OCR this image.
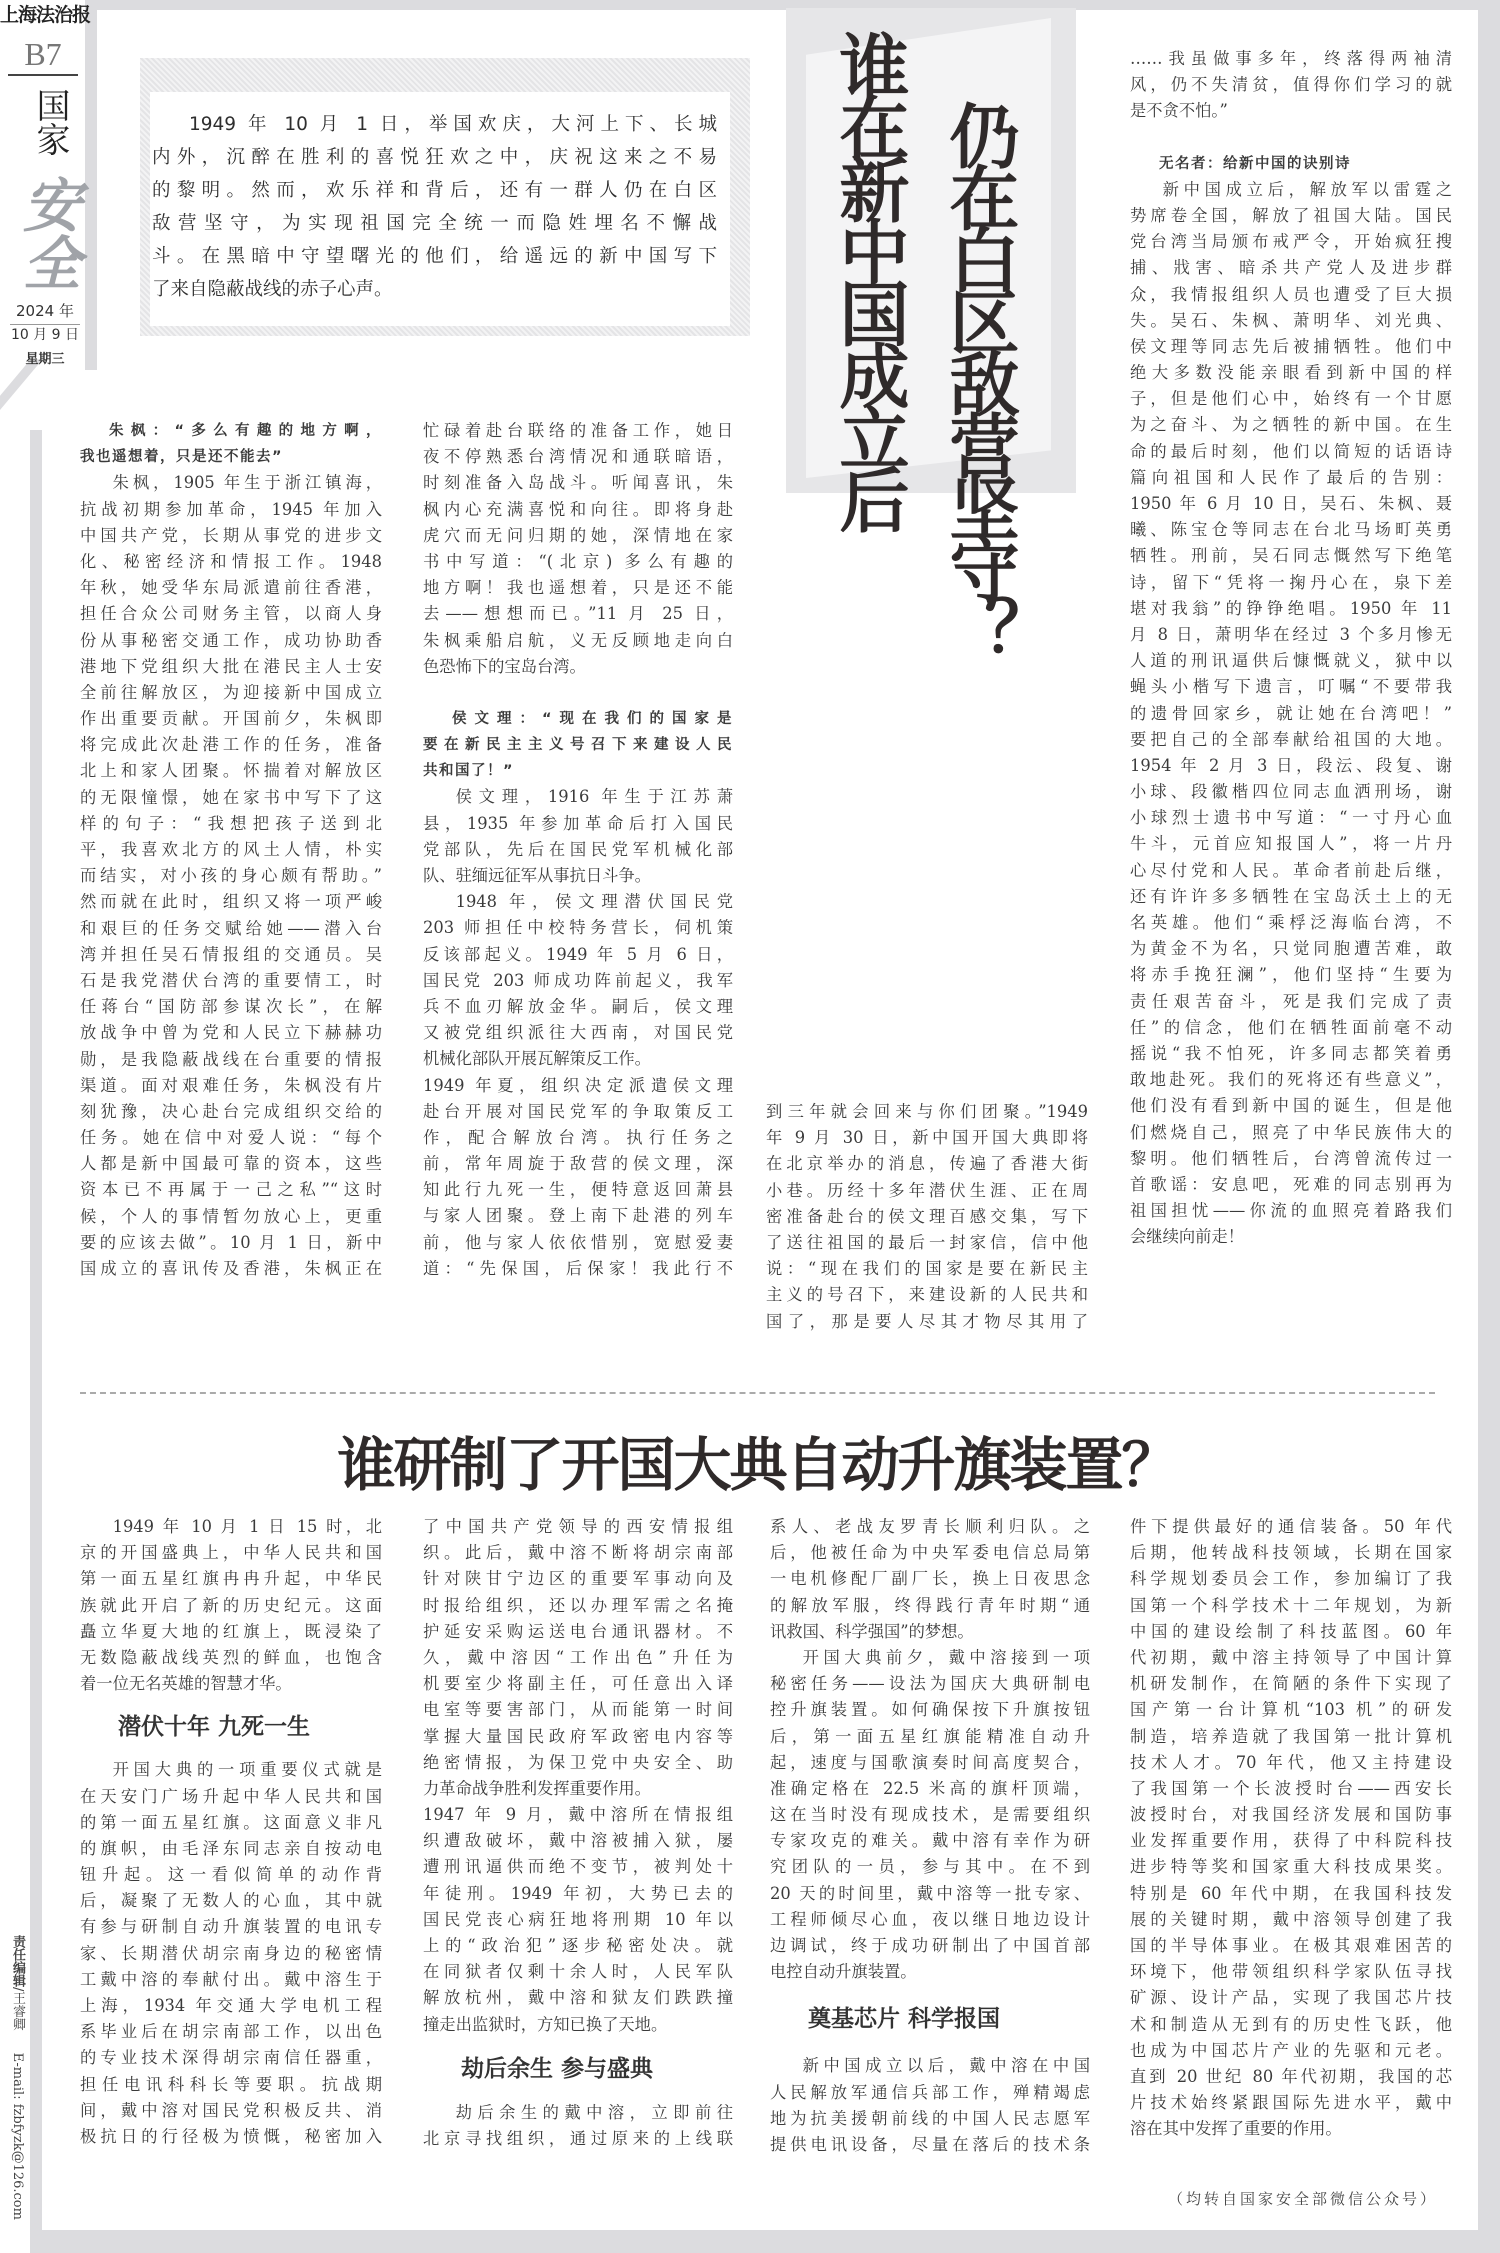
上海法治报
B7
国家
安全
2024 年
10 月 9 日
星期三
责任编辑/王睿卿  E-mail: fzbfyzk@126.com
1949 年 10 月 1 日，举国欢庆，大河上下、长城
内外，沉醉在胜利的喜悦狂欢之中，庆祝这来之不易
的黎明。然而，欢乐祥和背后，还有一群人仍在白区
敌营坚守，为实现祖国完全统一而隐姓埋名不懈战
斗。在黑暗中守望曙光的他们，给遥远的新中国写下
了来自隐蔽战线的赤子心声。	谁在新中国成立后 仍在白区敌营坚守？
朱枫：“多么有趣的地方啊，
我也遥想着，只是还不能去”
朱枫，1905 年生于浙江镇海，
抗战初期参加革命，1945 年加入
中国共产党，长期从事党的进步文
化、秘密经济和情报工作。1948
年秋，她受华东局派遣前往香港，
担任合众公司财务主管，以商人身
份从事秘密交通工作，成功协助香
港地下党组织大批在港民主人士安
全前往解放区，为迎接新中国成立
作出重要贡献。开国前夕，朱枫即
将完成此次赴港工作的任务，准备
北上和家人团聚。怀揣着对解放区
的无限憧憬，她在家书中写下了这
样的句子：“我想把孩子送到北
平，我喜欢北方的风土人情，朴实
而结实，对小孩的身心颇有帮助。”
然而就在此时，组织又将一项严峻
和艰巨的任务交赋给她——潜入台
湾并担任吴石情报组的交通员。吴
石是我党潜伏台湾的重要情工，时
任蒋台“国防部参谋次长”，在解
放战争中曾为党和人民立下赫赫功
勋，是我隐蔽战线在台重要的情报
渠道。面对艰难任务，朱枫没有片
刻犹豫，决心赴台完成组织交给的
任务。她在信中对爱人说：“每个
人都是新中国最可靠的资本，这些
资本已不再属于一己之私”“这时
候，个人的事情暂勿放心上，更重
要的应该去做”。10 月 1 日，新中
国成立的喜讯传及香港，朱枫正在
忙碌着赴台联络的准备工作，她日
夜不停熟悉台湾情况和通联暗语，
时刻准备入岛战斗。听闻喜讯，朱
枫内心充满喜悦和向往。即将身赴
虎穴而无问归期的她，深情地在家
书中写道：“(北京) 多么有趣的
地方啊！我也遥想着，只是还不能
去——想想而已。”11 月 25 日，
朱枫乘船启航，义无反顾地走向白
色恐怖下的宝岛台湾。
侯文理：“现在我们的国家是
要在新民主主义号召下来建设人民
共和国了！”
侯文理，1916 年生于江苏萧
县，1935 年参加革命后打入国民
党部队，先后在国民党军机械化部
队、驻缅远征军从事抗日斗争。
1948 年，侯文理潜伏国民党
203 师担任中校特务营长，伺机策
反该部起义。1949 年 5 月 6 日，
国民党 203 师成功阵前起义，我军
兵不血刃解放金华。嗣后，侯文理
又被党组织派往大西南，对国民党
机械化部队开展瓦解策反工作。
1949 年夏，组织决定派遣侯文理
赴台开展对国民党军的争取策反工
作，配合解放台湾。执行任务之
前，常年周旋于敌营的侯文理，深
知此行九死一生，便特意返回萧县
与家人团聚。登上南下赴港的列车
前，他与家人依依惜别，宽慰爱妻
道：“先保国，后保家！我此行不
到三年就会回来与你们团聚。”1949
年 9 月 30 日，新中国开国大典即将
在北京举办的消息，传遍了香港大街
小巷。历经十多年潜伏生涯、正在周
密准备赴台的侯文理百感交集，写下
了送往祖国的最后一封家信，信中他
说：“现在我们的国家是要在新民主
主义的号召下，来建设新的人民共和
国了，那是要人尽其才物尽其用了
……我虽做事多年，终落得两袖清
风，仍不失清贫，值得你们学习的就
是不贪不怕。”
无名者：给新中国的诀别诗
新中国成立后，解放军以雷霆之
势席卷全国，解放了祖国大陆。国民
党台湾当局颁布戒严令，开始疯狂搜
捕、戕害、暗杀共产党人及进步群
众，我情报组织人员也遭受了巨大损
失。吴石、朱枫、萧明华、刘光典、
侯文理等同志先后被捕牺牲。他们中
绝大多数没能亲眼看到新中国的样
子，但是他们心中，始终有一个甘愿
为之奋斗、为之牺牲的新中国。在生
命的最后时刻，他们以简短的话语诗
篇向祖国和人民作了最后的告别：
1950 年 6 月 10 日，吴石、朱枫、聂
曦、陈宝仓等同志在台北马场町英勇
牺牲。刑前，吴石同志慨然写下绝笔
诗，留下“凭将一掬丹心在，泉下差
堪对我翁”的铮铮绝唱。1950 年 11
月 8 日，萧明华在经过 3 个多月惨无
人道的刑讯逼供后慷慨就义，狱中以
蝇头小楷写下遗言，叮嘱“不要带我
的遗骨回家乡，就让她在台湾吧！”
要把自己的全部奉献给祖国的大地。
1954 年 2 月 3 日，段沄、段复、谢
小球、段徽楷四位同志血洒刑场，谢
小球烈士遗书中写道：“一寸丹心血
牛斗，元首应知报国人”，将一片丹
心尽付党和人民。革命者前赴后继，
还有许许多多牺牲在宝岛沃土上的无
名英雄。他们“乘桴泛海临台湾，不
为黄金不为名，只觉同胞遭苦难，敢
将赤手挽狂澜”，他们坚持“生要为
责任艰苦奋斗，死是我们完成了责
任”的信念，他们在牺牲面前毫不动
摇说“我不怕死，许多同志都笑着勇
敢地赴死。我们的死将还有些意义”，
他们没有看到新中国的诞生，但是他
们燃烧自己，照亮了中华民族伟大的
黎明。他们牺牲后，台湾曾流传过一
首歌谣：安息吧，死难的同志别再为
祖国担忧——你流的血照亮着路我们
会继续向前走！
谁研制了开国大典自动升旗装置？
1949 年 10 月 1 日 15 时，北
京的开国盛典上，中华人民共和国
第一面五星红旗冉冉升起，中华民
族就此开启了新的历史纪元。这面
矗立华夏大地的红旗上，既浸染了
无数隐蔽战线英烈的鲜血，也饱含
着一位无名英雄的智慧才华。
潜伏十年 九死一生
开国大典的一项重要仪式就是
在天安门广场升起中华人民共和国
的第一面五星红旗。这面意义非凡
的旗帜，由毛泽东同志亲自按动电
钮升起。这一看似简单的动作背
后，凝聚了无数人的心血，其中就
有参与研制自动升旗装置的电讯专
家、长期潜伏胡宗南身边的秘密情
工戴中溶的奉献付出。戴中溶生于
上海，1934 年交通大学电机工程
系毕业后在胡宗南部工作，以出色
的专业技术深得胡宗南信任器重，
担任电讯科科长等要职。抗战期
间，戴中溶对国民党积极反共、消
极抗日的行径极为愤慨，秘密加入
了中国共产党领导的西安情报组
织。此后，戴中溶不断将胡宗南部
针对陕甘宁边区的重要军事动向及
时报给组织，还以办理军需之名掩
护延安采购运送电台通讯器材。不
久，戴中溶因“工作出色”升任为
机要室少将副主任，可任意出入译
电室等要害部门，从而能第一时间
掌握大量国民政府军政密电内容等
绝密情报，为保卫党中央安全、助
力革命战争胜利发挥重要作用。
1947 年 9 月，戴中溶所在情报组
织遭敌破坏，戴中溶被捕入狱，屡
遭刑讯逼供而绝不变节，被判处十
年徒刑。1949 年初，大势已去的
国民党丧心病狂地将刑期 10 年以
上的“政治犯”逐步秘密处决。就
在同狱者仅剩十余人时，人民军队
解放杭州，戴中溶和狱友们跌跌撞
撞走出监狱时，方知已换了天地。
劫后余生 参与盛典
劫后余生的戴中溶，立即前往
北京寻找组织，通过原来的上线联
系人、老战友罗青长顺利归队。之
后，他被任命为中央军委电信总局第
一电机修配厂副厂长，换上日夜思念
的解放军服，终得践行青年时期“通
讯救国、科学强国”的梦想。
开国大典前夕，戴中溶接到一项
秘密任务——设法为国庆大典研制电
控升旗装置。如何确保按下升旗按钮
后，第一面五星红旗能精准自动升
起，速度与国歌演奏时间高度契合，
准确定格在 22.5 米高的旗杆顶端，
这在当时没有现成技术，是需要组织
专家攻克的难关。戴中溶有幸作为研
究团队的一员，参与其中。在不到
20 天的时间里，戴中溶等一批专家、
工程师倾尽心血，夜以继日地边设计
边调试，终于成功研制出了中国首部
电控自动升旗装置。
奠基芯片 科学报国
新中国成立以后，戴中溶在中国
人民解放军通信兵部工作，殚精竭虑
地为抗美援朝前线的中国人民志愿军
提供电讯设备，尽量在落后的技术条
件下提供最好的通信装备。50 年代
后期，他转战科技领域，长期在国家
科学规划委员会工作，参加编订了我
国第一个科学技术十二年规划，为新
中国的建设绘制了科技蓝图。60 年
代初期，戴中溶主持领导了中国计算
机研发制作，在简陋的条件下实现了
国产第一台计算机“103 机”的研发
制造，培养造就了我国第一批计算机
技术人才。70 年代，他又主持建设
了我国第一个长波授时台——西安长
波授时台，对我国经济发展和国防事
业发挥重要作用，获得了中科院科技
进步特等奖和国家重大科技成果奖。
特别是 60 年代中期，在我国科技发
展的关键时期，戴中溶领导创建了我
国的半导体事业。在极其艰难困苦的
环境下，他带领组织科学家队伍寻找
矿源、设计产品，实现了我国芯片技
术和制造从无到有的历史性飞跃，他
也成为中国芯片产业的先驱和元老。
直到 20 世纪 80 年代初期，我国的芯
片技术始终紧跟国际先进水平，戴中
溶在其中发挥了重要的作用。
（均转自国家安全部微信公众号）
